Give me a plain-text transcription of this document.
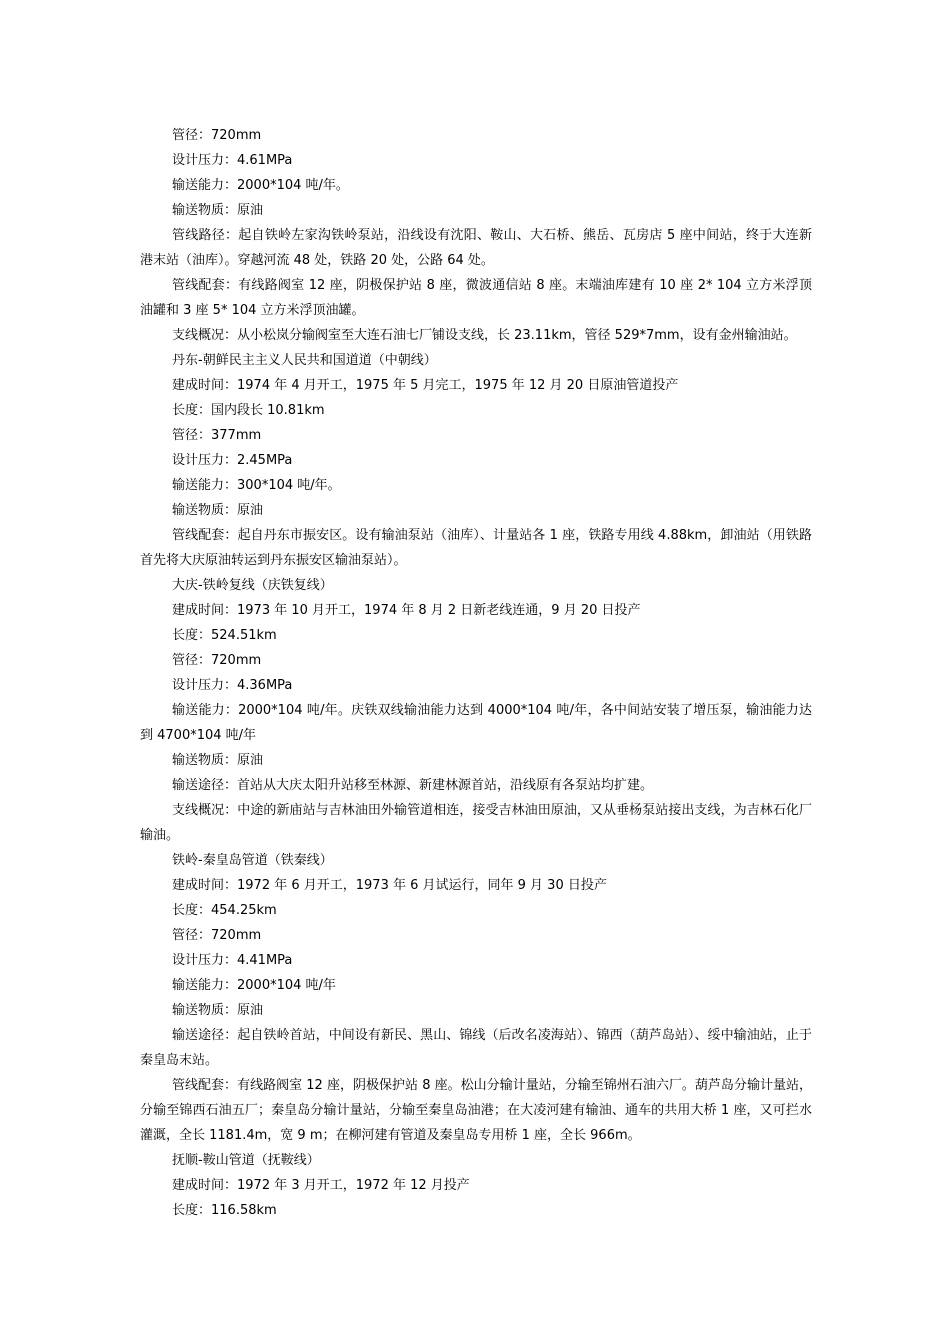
管径：720mm

设计压力：4.61MPa

输送能力：2000*104 吨/年。

输送物质：原油

管线路径：起自铁岭左家沟铁岭泵站，沿线设有沈阳、鞍山、大石桥、熊岳、瓦房店 5 座中间站，终于大连新港末站（油库）。穿越河流 48 处，铁路 20 处，公路 64 处。

管线配套：有线路阀室 12 座，阴极保护站 8 座，微波通信站 8 座。末端油库建有 10 座 2* 104 立方米浮顶油罐和 3 座 5* 104 立方米浮顶油罐。

支线概况：从小松岚分输阀室至大连石油七厂铺设支线，长 23.11km，管径 529*7mm，设有金州输油站。

丹东-朝鲜民主主义人民共和国道道（中朝线）

建成时间：1974 年 4 月开工，1975 年 5 月完工，1975 年 12 月 20 日原油管道投产

长度：国内段长 10.81km

管径：377mm

设计压力：2.45MPa

输送能力：300*104 吨/年。

输送物质：原油

管线配套：起自丹东市振安区。设有输油泵站（油库）、计量站各 1 座，铁路专用线 4.88km，卸油站（用铁路首先将大庆原油转运到丹东振安区输油泵站）。

大庆-铁岭复线（庆铁复线）

建成时间：1973 年 10 月开工，1974 年 8 月 2 日新老线连通，9 月 20 日投产

长度：524.51km

管径：720mm

设计压力：4.36MPa

输送能力：2000*104 吨/年。庆铁双线输油能力达到 4000*104 吨/年，各中间站安装了增压泵，输油能力达到 4700*104 吨/年

输送物质：原油

输送途径：首站从大庆太阳升站移至林源、新建林源首站，沿线原有各泵站均扩建。

支线概况：中途的新庙站与吉林油田外输管道相连，接受吉林油田原油，又从垂杨泵站接出支线，为吉林石化厂输油。

铁岭-秦皇岛管道（铁秦线）

建成时间：1972 年 6 月开工，1973 年 6 月试运行，同年 9 月 30 日投产

长度：454.25km

管径：720mm

设计压力：4.41MPa

输送能力：2000*104 吨/年

输送物质：原油

输送途径：起自铁岭首站，中间设有新民、黑山、锦线（后改名凌海站）、锦西（葫芦岛站）、绥中输油站，止于秦皇岛末站。

管线配套：有线路阀室 12 座，阴极保护站 8 座。松山分输计量站，分输至锦州石油六厂。葫芦岛分输计量站，分输至锦西石油五厂；秦皇岛分输计量站，分输至秦皇岛油港；在大凌河建有输油、通车的共用大桥 1 座，又可拦水灌溉，全长 1181.4m，宽 9 m；在柳河建有管道及秦皇岛专用桥 1 座，全长 966m。

抚顺-鞍山管道（抚鞍线）

建成时间：1972 年 3 月开工，1972 年 12 月投产

长度：116.58km
